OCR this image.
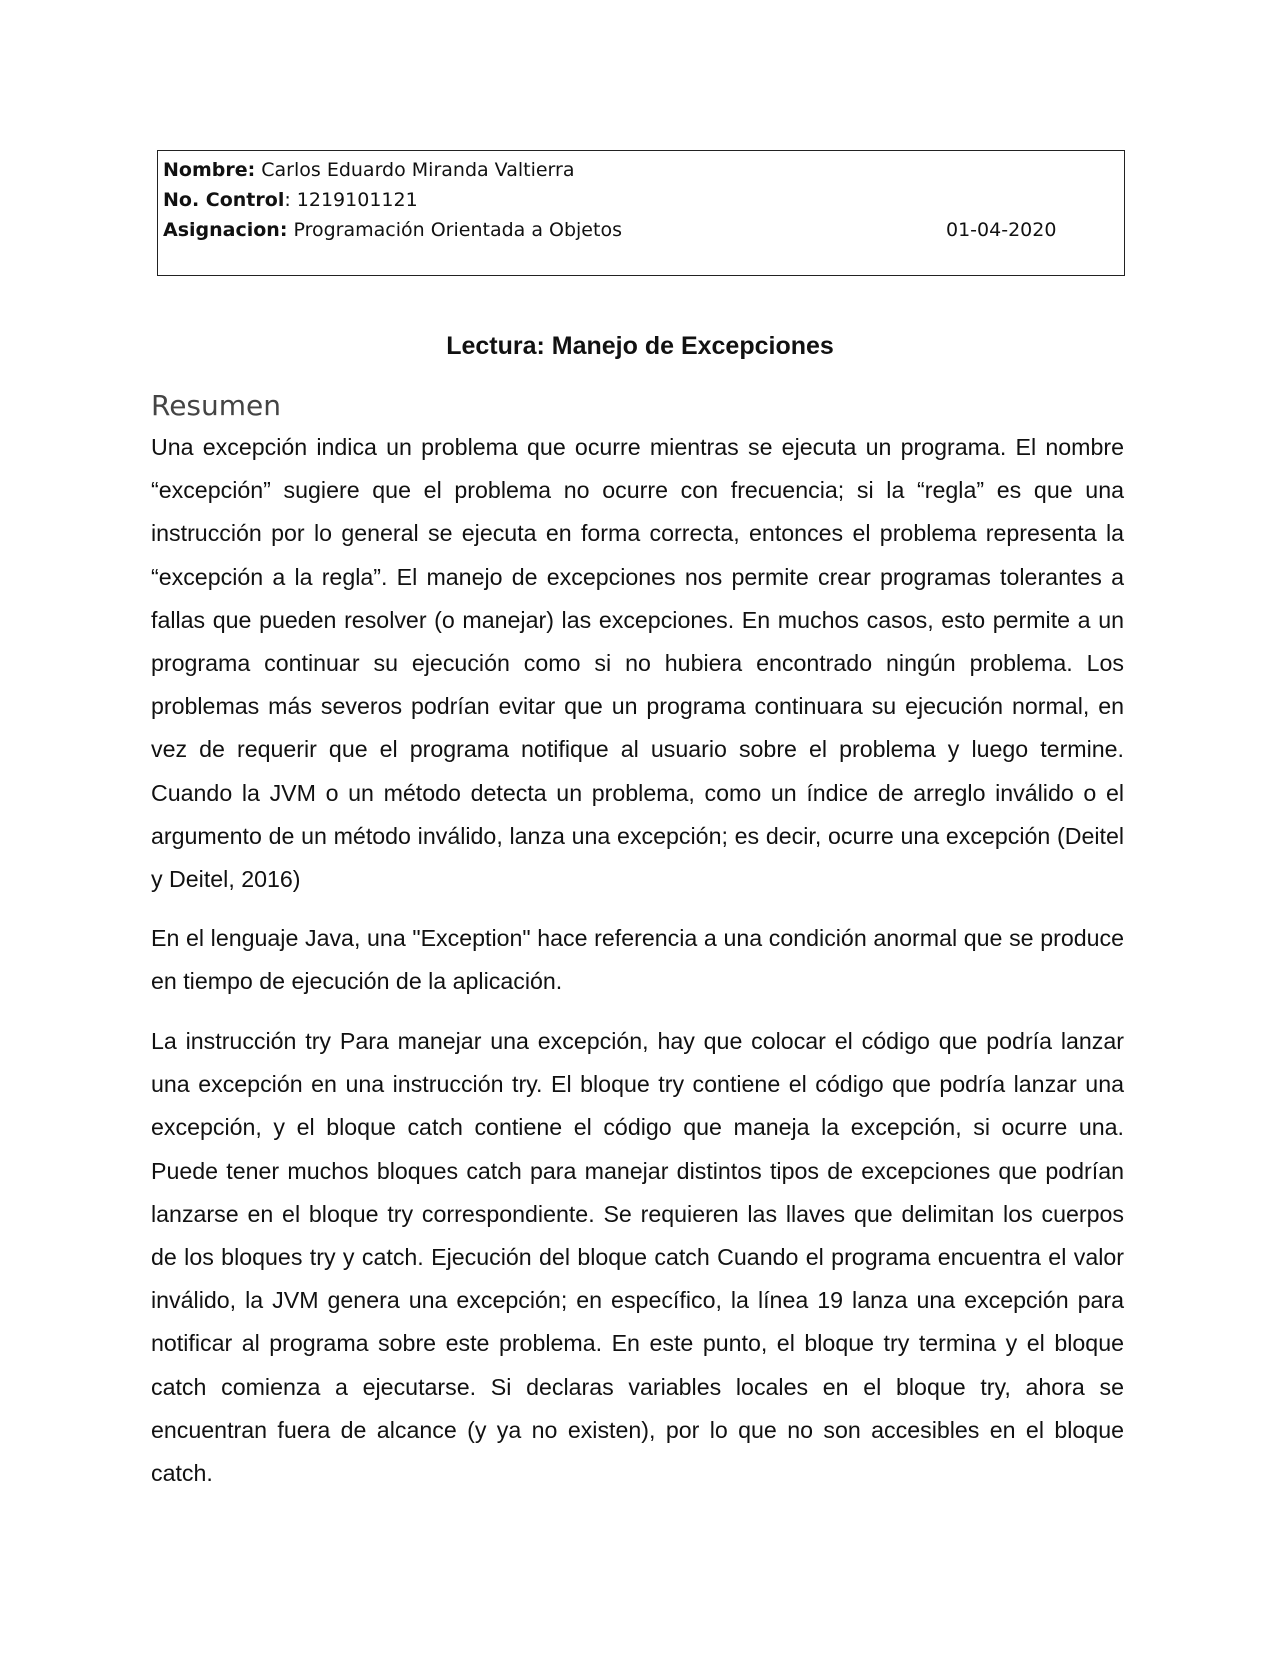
Nombre: Carlos Eduardo Miranda Valtierra
No. Control: 1219101121
Asignacion: Programación Orientada a Objetos	01-04-2020
Lectura: Manejo de Excepciones
Resumen

Una excepción indica un problema que ocurre mientras se ejecuta un programa. El nombre “excepción” sugiere que el problema no ocurre con frecuencia; si la “regla” es que una instrucción por lo general se ejecuta en forma correcta, entonces el problema representa la “excepción a la regla”. El manejo de excepciones nos permite crear programas tolerantes a fallas que pueden resolver (o manejar) las excepciones. En muchos casos, esto permite a un programa continuar su ejecución como si no hubiera encontrado ningún problema. Los problemas más severos podrían evitar que un programa continuara su ejecución normal, en vez de requerir que el programa notifique al usuario sobre el problema y luego termine. Cuando la JVM o un método detecta un problema, como un índice de arreglo inválido o el argumento de un método inválido, lanza una excepción; es decir, ocurre una excepción (Deitel y Deitel, 2016)

En el lenguaje Java, una "Exception" hace referencia a una condición anormal que se produce en tiempo de ejecución de la aplicación.

La instrucción try Para manejar una excepción, hay que colocar el código que podría lanzar una excepción en una instrucción try. El bloque try contiene el código que podría lanzar una excepción, y el bloque catch contiene el código que maneja la excepción, si ocurre una. Puede tener muchos bloques catch para manejar distintos tipos de excepciones que podrían lanzarse en el bloque try correspondiente. Se requieren las llaves que delimitan los cuerpos de los bloques try y catch. Ejecución del bloque catch Cuando el programa encuentra el valor inválido, la JVM genera una excepción; en específico, la línea 19 lanza una excepción para notificar al programa sobre este problema. En este punto, el bloque try termina y el bloque catch comienza a ejecutarse. Si declaras variables locales en el bloque try, ahora se encuentran fuera de alcance (y ya no existen), por lo que no son accesibles en el bloque catch.
